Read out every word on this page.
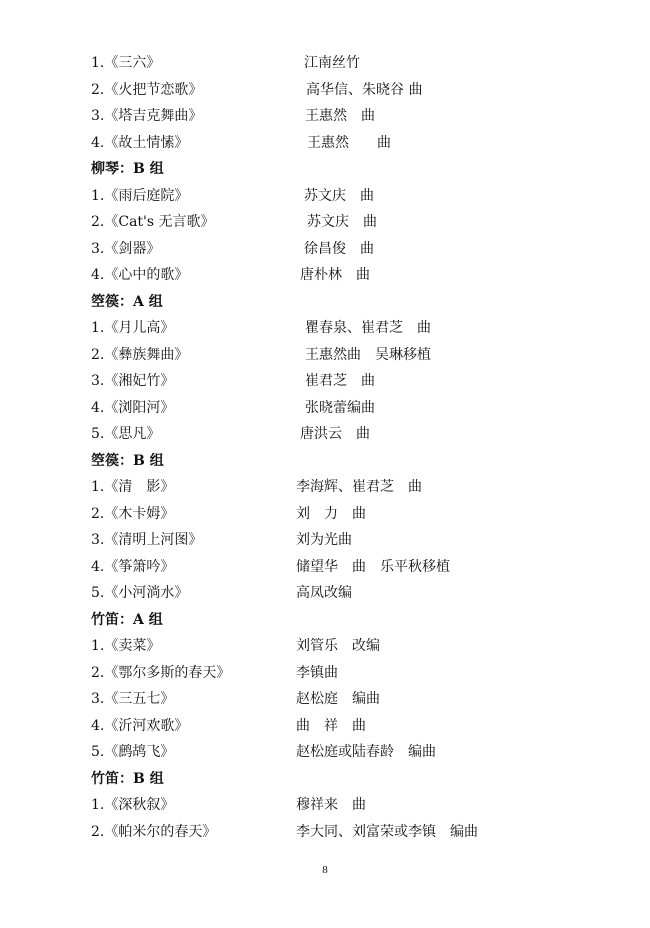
1.《三六》	江南丝竹
2.《火把节恋歌》	高华信、朱晓谷 曲
3.《塔吉克舞曲》	王惠然　曲
4.《故土情愫》	王惠然　　曲
柳琴：B 组
1.《雨后庭院》	苏文庆　曲
2.《Cat's 无言歌》	苏文庆　曲
3.《剑器》	徐昌俊　曲
4.《心中的歌》	唐朴林　曲
箜篌：A 组
1.《月儿高》	瞿春泉、崔君芝　曲
2.《彝族舞曲》	王惠然曲　吴琳移植
3.《湘妃竹》	崔君芝　曲
4.《浏阳河》	张晓蕾编曲
5.《思凡》	唐洪云　曲
箜篌：B 组
1.《清　影》	李海辉、崔君芝　曲
2.《木卡姆》	刘　力　曲
3.《清明上河图》	刘为光曲
4.《筝箫吟》	储望华　曲　乐平秋移植
5.《小河淌水》	高凤改编
竹笛：A 组
1.《卖菜》	刘管乐　改编
2.《鄂尔多斯的春天》	李镇曲
3.《三五七》	赵松庭　编曲
4.《沂河欢歌》	曲　祥　曲
5.《鹧鸪飞》	赵松庭或陆春龄　编曲
竹笛：B 组
1.《深秋叙》	穆祥来　曲
2.《帕米尔的春天》	李大同、刘富荣或李镇　编曲
8
